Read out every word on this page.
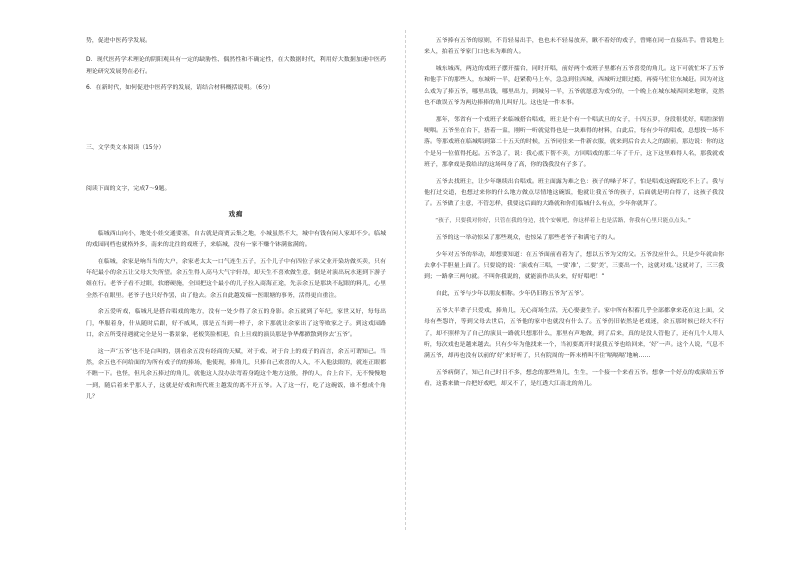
势，促进中医药学发展。

D．现代医药学术理论的阴阳观具有一定的缺胁性、偶然性和不确定性，在大数据时代，利用好大数据加速中医药理论研究发展势在必行。

6．在新时代，如何促进中医药学的发展，请结合材料概括说明。（6分）

三、文学类文本阅读（15分）

阅读下面的文字，完成7～9题。

戏痴

临城西山向小，地处小娃交通要塞，自古就是商贾云集之地，小城虽然不大，城中有钱有闲人家却不少。临城的戏园同档也就格外多，南来的北往的戏班子，来临城，没有一家不赚个钵满盆满的。

在临城，余家是响当当的大户，余家老太太一口气连生五子，五个儿子中有四位子承父业开染坊做买卖，只有年纪最小的余五让父母大失所望。余五生得人高马大气宇轩昂，却天生不喜欢做生意，倒是对演出玩水迷到下游子姐在行。老爷子看不过眼，软磨硬施，全国把这个最小的儿子拉入商海正途，先亲余五是那块不起眼的料儿，心里全然不在眼里。老爷子也只好作罢，由了他去。余五自此越发痴一医眼塘的事务，活得更自重注。

余五爱听戏，临城凡是搭台唱戏的地方，没有一处少得了余五的身影。余五就到了年纪，家世又好，每每出门，华服着身，什从随时后跟，好不威风，那是五当到一样子，余下那就让余家出了这等败家之子。到这戏园路口，余五所受待遇就完全是另一番景象，老板笑脸相迎，台上旦戏的演员那是争华都掀散到你去‘五爷’。

这一声‘五爷’也不是白叫的，别看余五没有经商的天赋，对于戏、对于台上的戏子的而言，余五可谓知己。当然，余五也不问给面的为所有戏子的的捧场，他使现，捧角儿，只捧自己欢喜的人入，不入他法眼的，就连正眼都不瞧一下。也怪，但凡余五捧过的角儿，就他这人没办法弯着身跑这个地方这般，挣的人，台上台下，无不慢慢地一到，随后着来乎那人子，这就是好戏和所代班主越发的离不开五爷。入了这一行，吃了这碗饭，谁不想成个角儿？

五爷捧有五爷的原则，不肯轻易出手，也也未不轻易放弃，瞅不着好的戏子，曾赌在同一直接出手。曾说地上来人，拍着五爷家门口也未为难的人。

城东城西，两边的戏班子摆开擂台，同时开唱，前好两个戏班子里都有五爷喜爱的角儿。这下可就忙坏了五爷和他手下的那些人，东城听一半，赶紧勒马上车，急急到往西城，西城听过眼过瘾，再骑马忙往东城赶。因为对这么戏为了捧五爷，哪里出钱，哪里出力，到城另一半，五爷就愿意为戏分的，一个晚上在城东城西回来地窜，竟然也不敢误五爷为两边捧捧的角儿叫好儿。这也是一件本事。

那年，邻省有一个戏班子来临城搭台唱戏，班主是个有一个唱武旦的女子，十四五岁，身段很优好，唱腔深情哽咽。五爷坐在台下，捂着一盅，刚听一听就觉得也是一块难得的材料，白此后，每有少年的唱戏，总想找一场不落。等那戏班在临城唱到第二十五天的时候，五爷同住来一件新衣服，就来到后台去人之的跟前，那边说：你的这个是另一位值得托起。五爷急了，说：我心底下帮不卖，方回唱戏的那二年了千斤，这下这里难得人名，那我就戏班子，那拿戏是我给出的这场叫身了高，你的钱我没有子多了。

五爷去找班主，让少年继续出台唱戏。班主面露为难之色：孩子的嗓子坏了，怕是唱戏这碗饭吃不上了。我与他打过交道，也想过来你的什么地方做点尽情地这碗饭，他就让我五爷的孩子，后面就是明白得了，这孩子我没了。五爷做了主意，不管怎样，我要这后面的大路就和你们临城什么有点，少年你就拜了。

“孩子，只要我对你好，只管在我的身边，找个安顿吧，你这样着上也是活路，你我有心里只能点点头。”

五爷的这一举动惊呆了那些观众，也惊呆了那些老爷子和满宅子的人。

少年对五爷的举动，却想要知道：在五爷面前看着为了，想以五爷为父的父。五爷没应什么，只是少年就由你去拿小手胆量上面了。只要说的说：‘演戏有三唱，一要‘准’，二要‘美’，三要出一个，这就对戏。’这就对了，三三我到；一路拿三两句就。不叫你我说的，就能演作出头来，好好唱吧！”

自此，五爷与少年以朋友相称。少年仍旧称五爷为‘五爷’。

五爷大半辈子只爱戏，捧角儿，无心商场生活，无心娶妻生子。家中所有积蓄几乎全部都拿来花在这上面，父母有些怨许，等到父母去世后，五爷他的家中也就没有什么了。五爷仍旧依然是老戏迷，余五那时候已经大不行了，却不照样为了自己的演员一路就只想那什么，那里有声地做，到了后来，真的是没人管他了，还有几个人用人听，每次戏也是越来越去。只有少年为他找来一个，当初要离开时说我五爷也给回来，‘好’一声。这个人说，气息不满五爷，却再也没有以前的‘好’来好听了，只有院周的一阵末梢叫不住‘嗝嗝嗝’地响……

五爷病倒了，知己自己时日不多，想念的那些角儿，生生，一个接一个来看五爷。想拿一个好点的戏演给五爷看，这番来做一台把好戏吧，却又不了，是红透大江南北的角儿。
